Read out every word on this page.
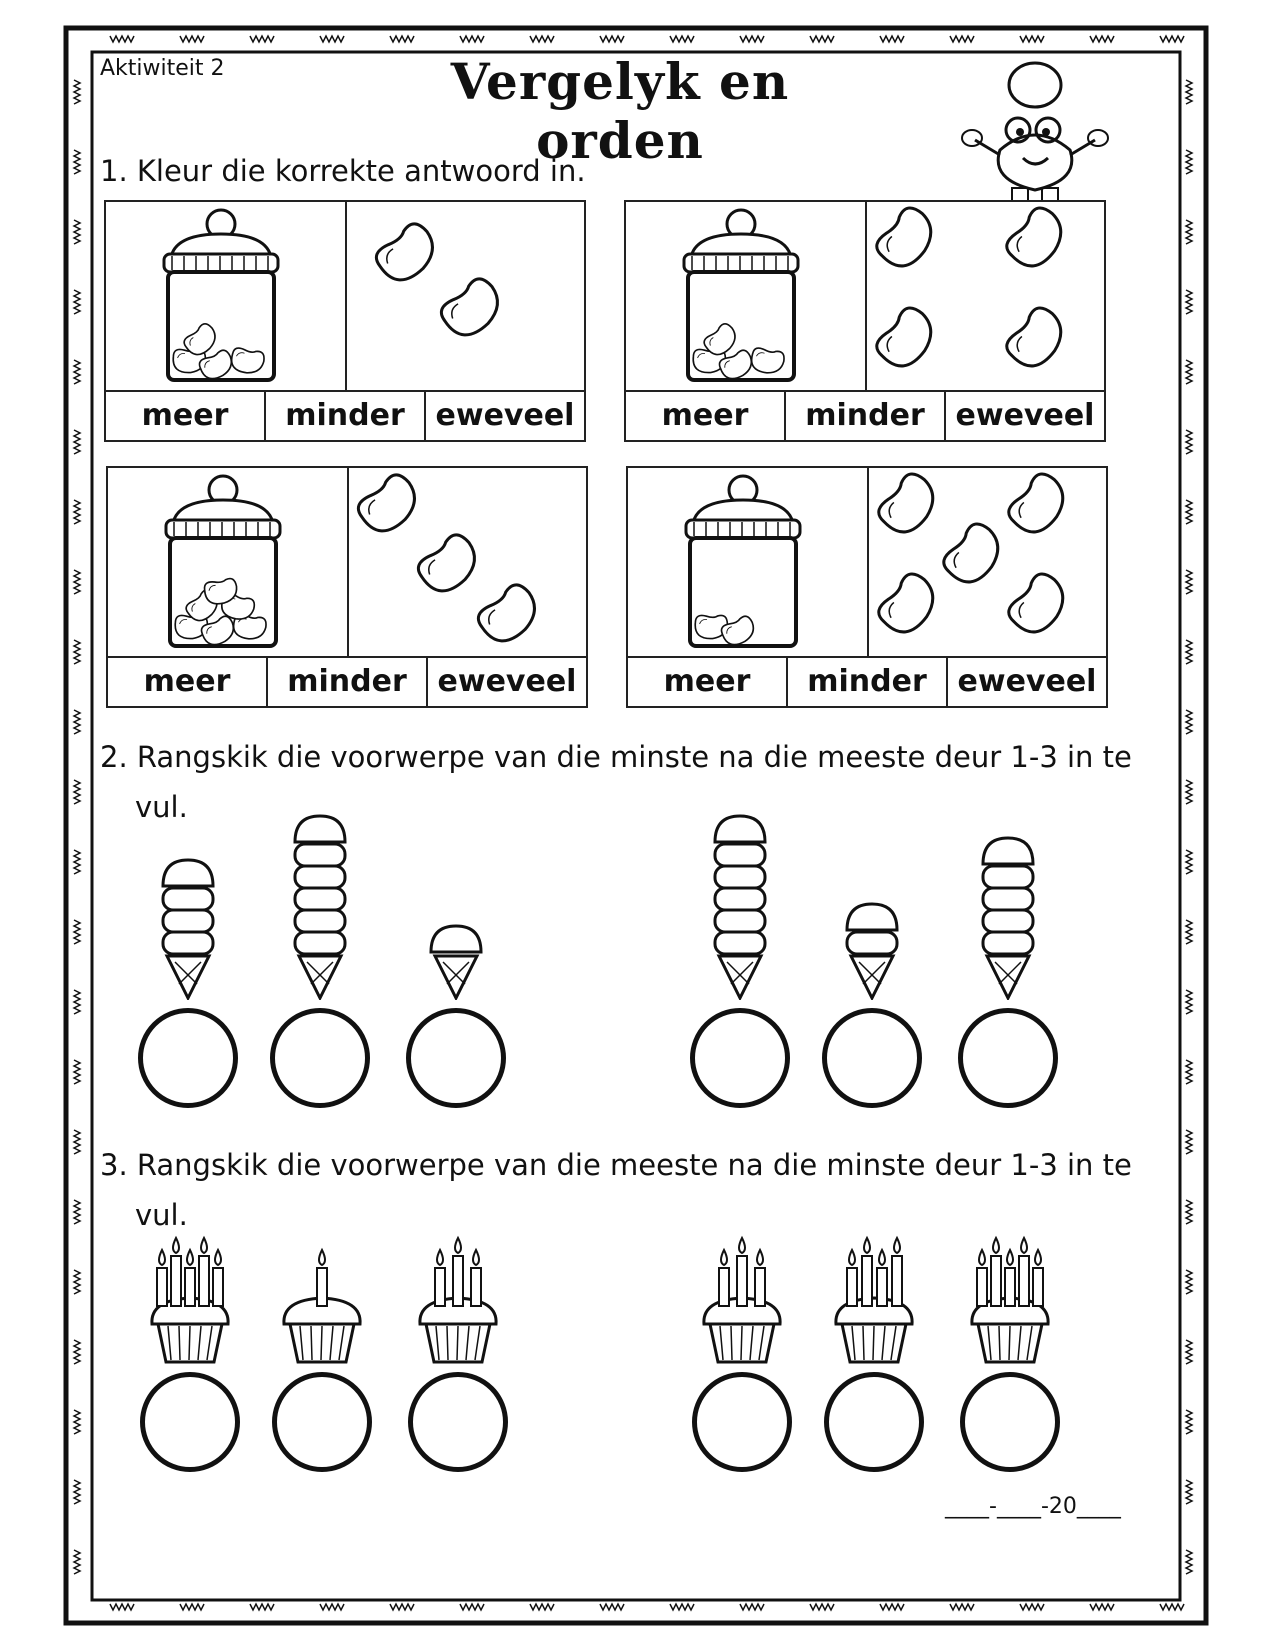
Aktiwiteit 2	Vergelyk en orden
1. Kleur die korrekte antwoord in.
meer	minder	eweveel	meer	minder	eweveel
meer	minder	eweveel	meer	minder	eweveel
2. Rangskik die voorwerpe van die minste na die meeste deur 1-3 in te
vul.
3. Rangskik die voorwerpe van die meeste na die minste deur 1-3 in te
vul.
____-____-20____
